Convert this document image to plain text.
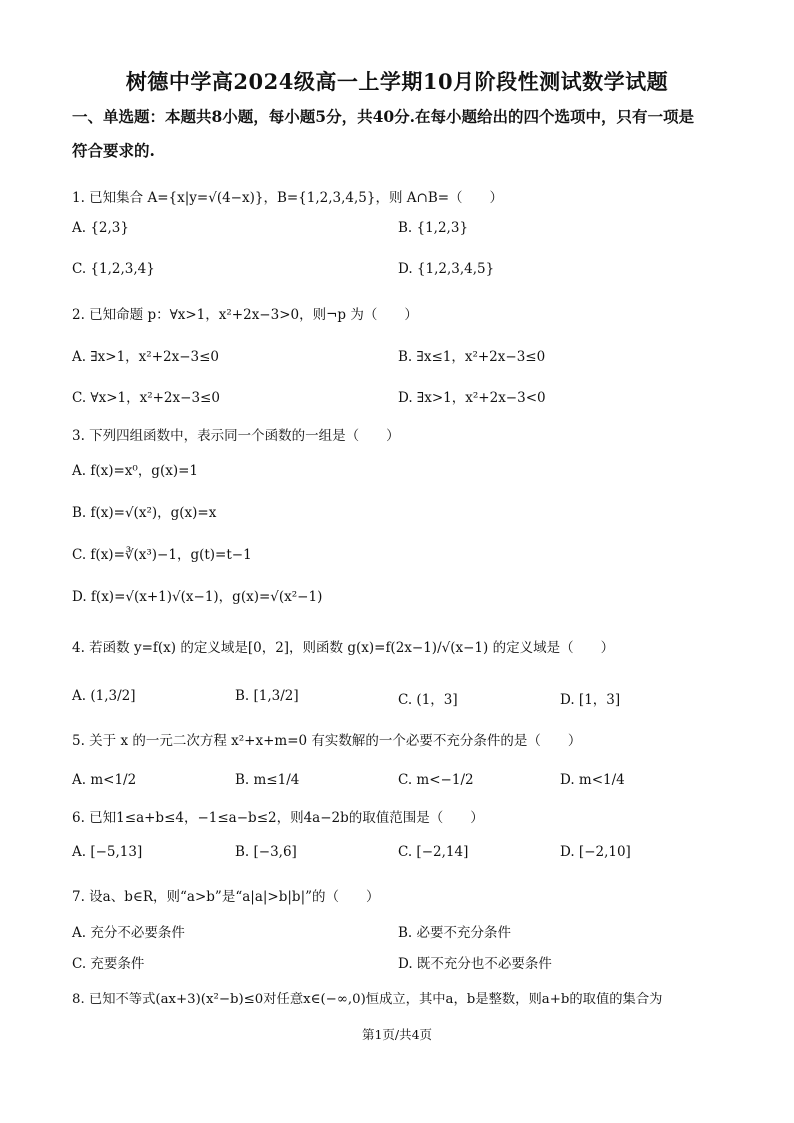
树德中学高2024级高一上学期10月阶段性测试数学试题
一、单选题：本题共8小题，每小题5分，共40分.在每小题给出的四个选项中，只有一项是
符合要求的.
1. 已知集合 A={x|y=√(4−x)}，B={1,2,3,4,5}，则 A∩B=（　　）
A. {2,3}	B. {1,2,3}
C. {1,2,3,4}	D. {1,2,3,4,5}
2. 已知命题 p：∀x>1，x²+2x−3>0，则¬p 为（　　）
A. ∃x>1，x²+2x−3≤0	B. ∃x≤1，x²+2x−3≤0
C. ∀x>1，x²+2x−3≤0	D. ∃x>1，x²+2x−3<0
3. 下列四组函数中，表示同一个函数的一组是（　　）
A. f(x)=x⁰，g(x)=1
B. f(x)=√(x²)，g(x)=x
C. f(x)=∛(x³)−1，g(t)=t−1
D. f(x)=√(x+1)√(x−1)，g(x)=√(x²−1)
4. 若函数 y=f(x) 的定义域是[0，2]，则函数 g(x)=f(2x−1)/√(x−1) 的定义域是（　　）
A. (1,3/2]	B. [1,3/2]	C. (1，3]	D. [1，3]
5. 关于 x 的一元二次方程 x²+x+m=0 有实数解的一个必要不充分条件的是（　　）
A. m<1/2	B. m≤1/4	C. m<−1/2	D. m<1/4
6. 已知1≤a+b≤4，−1≤a−b≤2，则4a−2b的取值范围是（　　）
A. [−5,13]	B. [−3,6]	C. [−2,14]	D. [−2,10]
7. 设a、b∈R，则“a>b”是“a|a|>b|b|”的（　　）
A. 充分不必要条件	B. 必要不充分条件
C. 充要条件	D. 既不充分也不必要条件
8. 已知不等式(ax+3)(x²−b)≤0对任意x∈(−∞,0)恒成立，其中a，b是整数，则a+b的取值的集合为
第1页/共4页
